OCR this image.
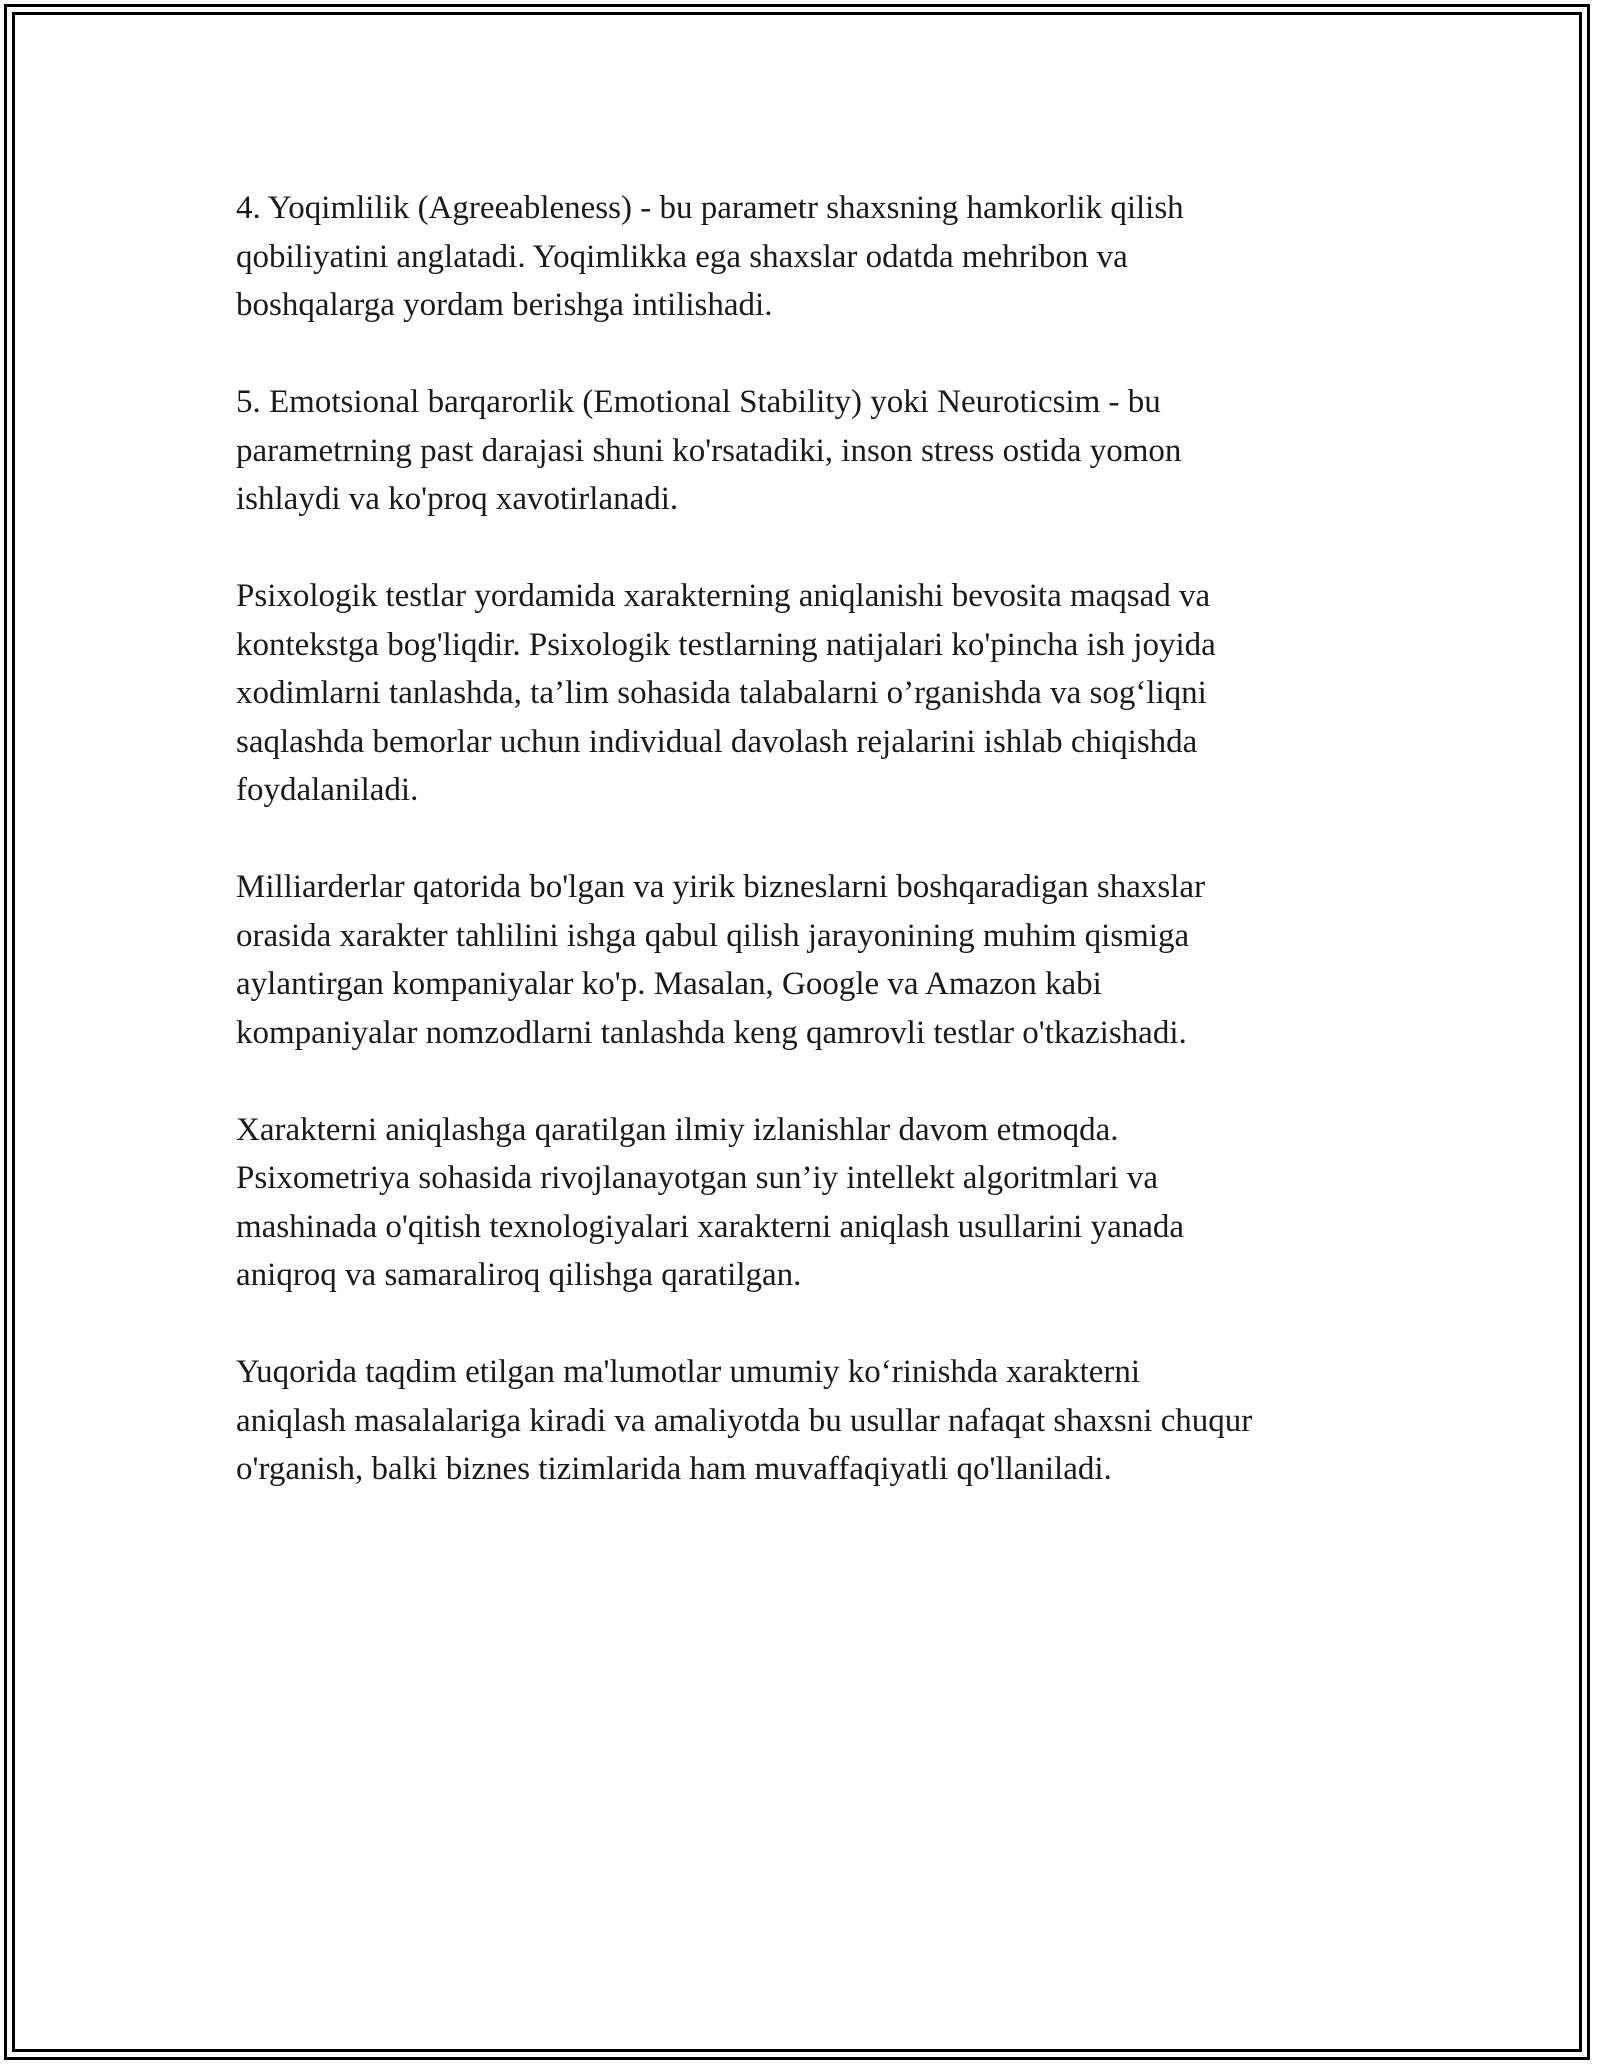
4. Yoqimlilik (Agreeableness) - bu parametr shaxsning hamkorlik qilish
qobiliyatini anglatadi. Yoqimlikka ega shaxslar odatda mehribon va
boshqalarga yordam berishga intilishadi.

5. Emotsional barqarorlik (Emotional Stability) yoki Neuroticsim - bu
parametrning past darajasi shuni ko'rsatadiki, inson stress ostida yomon
ishlaydi va ko'proq xavotirlanadi.

Psixologik testlar yordamida xarakterning aniqlanishi bevosita maqsad va
kontekstga bog'liqdir. Psixologik testlarning natijalari ko'pincha ish joyida
xodimlarni tanlashda, ta’lim sohasida talabalarni o’rganishda va sog‘liqni
saqlashda bemorlar uchun individual davolash rejalarini ishlab chiqishda
foydalaniladi.

Milliarderlar qatorida bo'lgan va yirik bizneslarni boshqaradigan shaxslar
orasida xarakter tahlilini ishga qabul qilish jarayonining muhim qismiga
aylantirgan kompaniyalar ko'p. Masalan, Google va Amazon kabi
kompaniyalar nomzodlarni tanlashda keng qamrovli testlar o'tkazishadi.

Xarakterni aniqlashga qaratilgan ilmiy izlanishlar davom etmoqda.
Psixometriya sohasida rivojlanayotgan sun’iy intellekt algoritmlari va
mashinada o'qitish texnologiyalari xarakterni aniqlash usullarini yanada
aniqroq va samaraliroq qilishga qaratilgan.

Yuqorida taqdim etilgan ma'lumotlar umumiy ko‘rinishda xarakterni
aniqlash masalalariga kiradi va amaliyotda bu usullar nafaqat shaxsni chuqur
o'rganish, balki biznes tizimlarida ham muvaffaqiyatli qo'llaniladi.
